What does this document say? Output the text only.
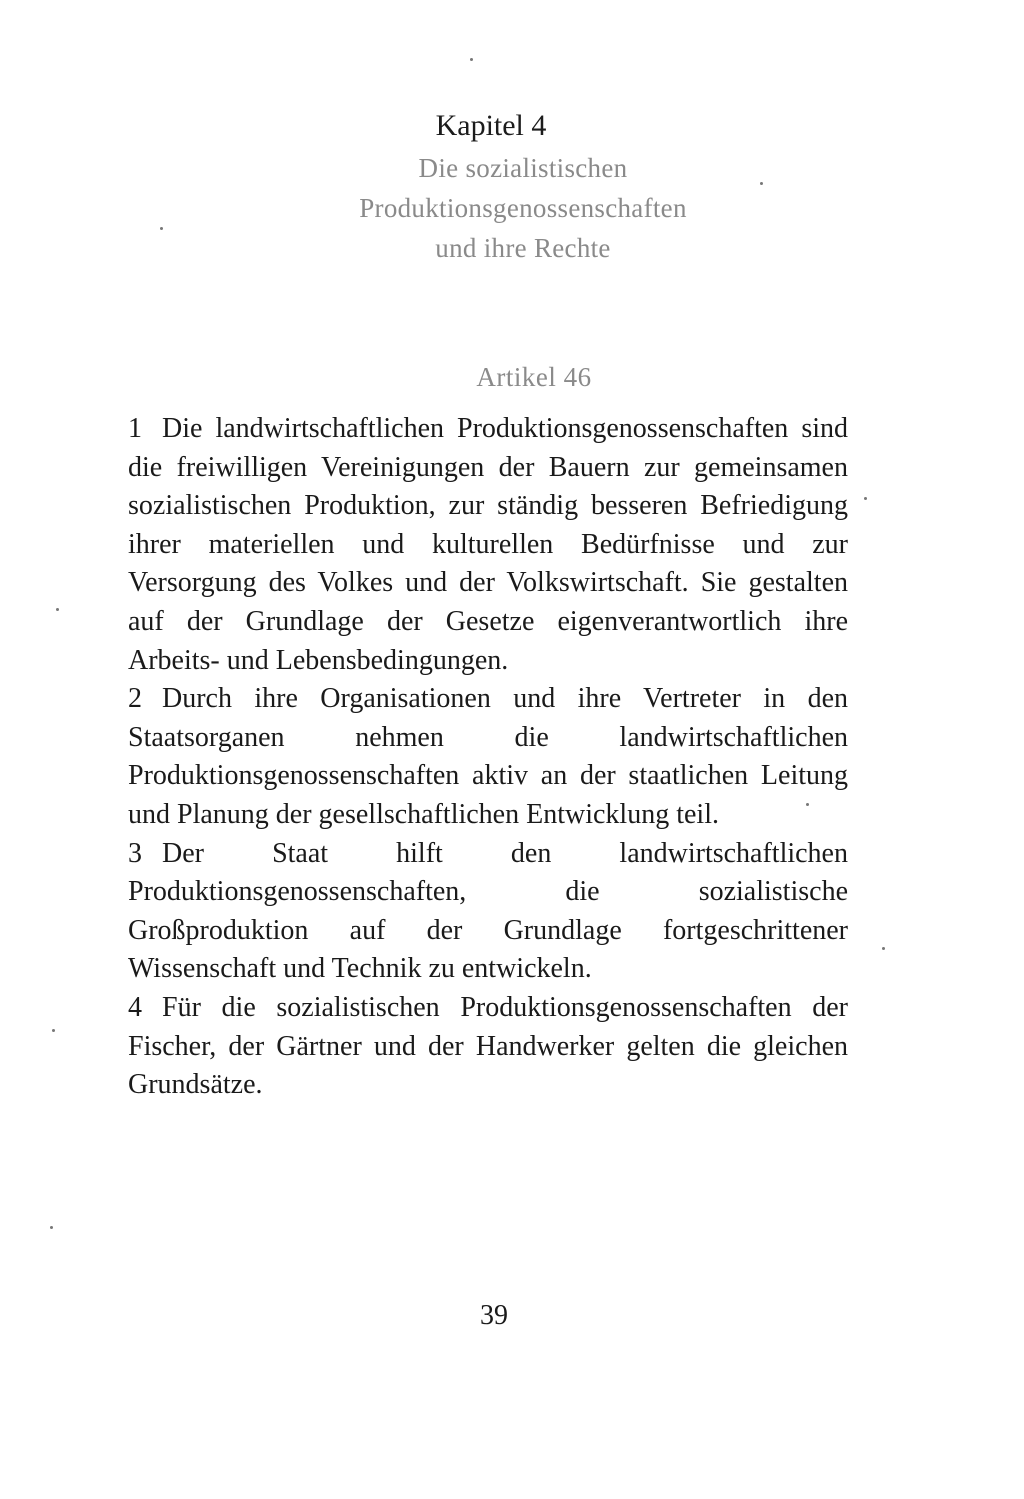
Kapitel 4
Die sozialistischen
Produktionsgenossenschaften
und ihre Rechte
Artikel 46

1 Die landwirtschaftlichen Produktionsgenossenschaften sind die freiwilligen Vereinigungen der Bauern zur gemeinsamen sozialistischen Produktion, zur ständig besseren Befriedigung ihrer materiellen und kulturellen Bedürfnisse und zur Versorgung des Volkes und der Volkswirtschaft. Sie gestalten auf der Grundlage der Gesetze eigenverantwortlich ihre Arbeits- und Lebensbedingungen.

2 Durch ihre Organisationen und ihre Vertreter in den Staatsorganen nehmen die landwirtschaftlichen Produktionsgenossenschaften aktiv an der staatlichen Leitung und Planung der gesellschaftlichen Entwicklung teil.

3 Der Staat hilft den landwirtschaftlichen Produktionsgenossenschaften, die sozialistische Großproduktion auf der Grundlage fortgeschrittener Wissenschaft und Technik zu entwickeln.

4 Für die sozialistischen Produktionsgenossenschaften der Fischer, der Gärtner und der Handwerker gelten die gleichen Grundsätze.

39
